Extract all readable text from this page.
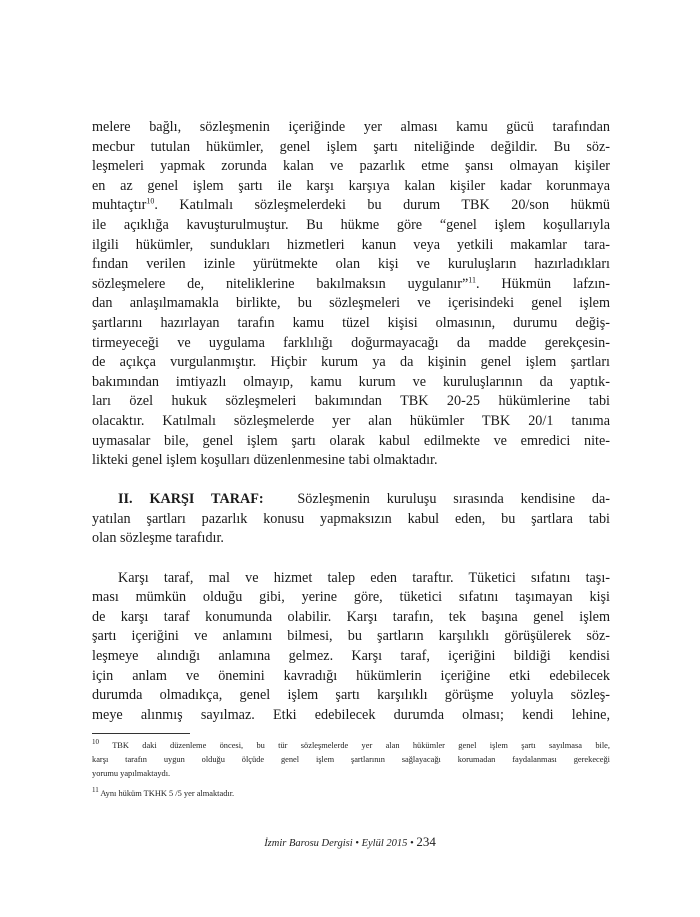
melere bağlı, sözleşmenin içeriğinde yer alması kamu gücü tarafından
mecbur tutulan hükümler, genel işlem şartı niteliğinde değildir. Bu söz-
leşmeleri yapmak zorunda kalan ve pazarlık etme şansı olmayan kişiler
en az genel işlem şartı ile karşı karşıya kalan kişiler kadar korunmaya
muhtaçtır$^{10}$. Katılmalı sözleşmelerdeki bu durum TBK 20/son hükmü
ile açıklığa kavuşturulmuştur. Bu hükme göre “genel işlem koşullarıyla
ilgili hükümler, sundukları hizmetleri kanun veya yetkili makamlar tara-
fından verilen izinle yürütmekte olan kişi ve kuruluşların hazırladıkları
sözleşmelere de, niteliklerine bakılmaksın uygulanır”$^{11}$. Hükmün lafzın-
dan anlaşılmamakla birlikte, bu sözleşmeleri ve içerisindeki genel işlem
şartlarını hazırlayan tarafın kamu tüzel kişisi olmasının, durumu değiş-
tirmeyeceği ve uygulama farklılığı doğurmayacağı da madde gerekçesin-
de açıkça vurgulanmıştır. Hiçbir kurum ya da kişinin genel işlem şartları
bakımından imtiyazlı olmayıp, kamu kurum ve kuruluşlarının da yaptık-
ları özel hukuk sözleşmeleri bakımından TBK 20-25 hükümlerine tabi
olacaktır. Katılmalı sözleşmelerde yer alan hükümler TBK 20/1 tanıma
uymasalar bile, genel işlem şartı olarak kabul edilmekte ve emredici nite-
likteki genel işlem koşulları düzenlenmesine tabi olmaktadır.
II. KARŞI TARAF: Sözleşmenin kuruluşu sırasında kendisine da-
yatılan şartları pazarlık konusu yapmaksızın kabul eden, bu şartlara tabi
olan sözleşme tarafıdır.
Karşı taraf, mal ve hizmet talep eden taraftır. Tüketici sıfatını taşı-
ması mümkün olduğu gibi, yerine göre, tüketici sıfatını taşımayan kişi
de karşı taraf konumunda olabilir. Karşı tarafın, tek başına genel işlem
şartı içeriğini ve anlamını bilmesi, bu şartların karşılıklı görüşülerek söz-
leşmeye alındığı anlamına gelmez. Karşı taraf, içeriğini bildiği kendisi
için anlam ve önemini kavradığı hükümlerin içeriğine etki edebilecek
durumda olmadıkça, genel işlem şartı karşılıklı görüşme yoluyla sözleş-
meye alınmış sayılmaz. Etki edebilecek durumda olması; kendi lehine,
$^{10}$ TBK daki düzenleme öncesi, bu tür sözleşmelerde yer alan hükümler genel işlem şartı sayılmasa bile,
karşı tarafın uygun olduğu ölçüde genel işlem şartlarının sağlayacağı korumadan faydalanması gerekeceği
yorumu yapılmaktaydı.
$^{11}$ Aynı hüküm TKHK 5 /5 yer almaktadır.
İzmir Barosu Dergisi • Eylül 2015 • 234
